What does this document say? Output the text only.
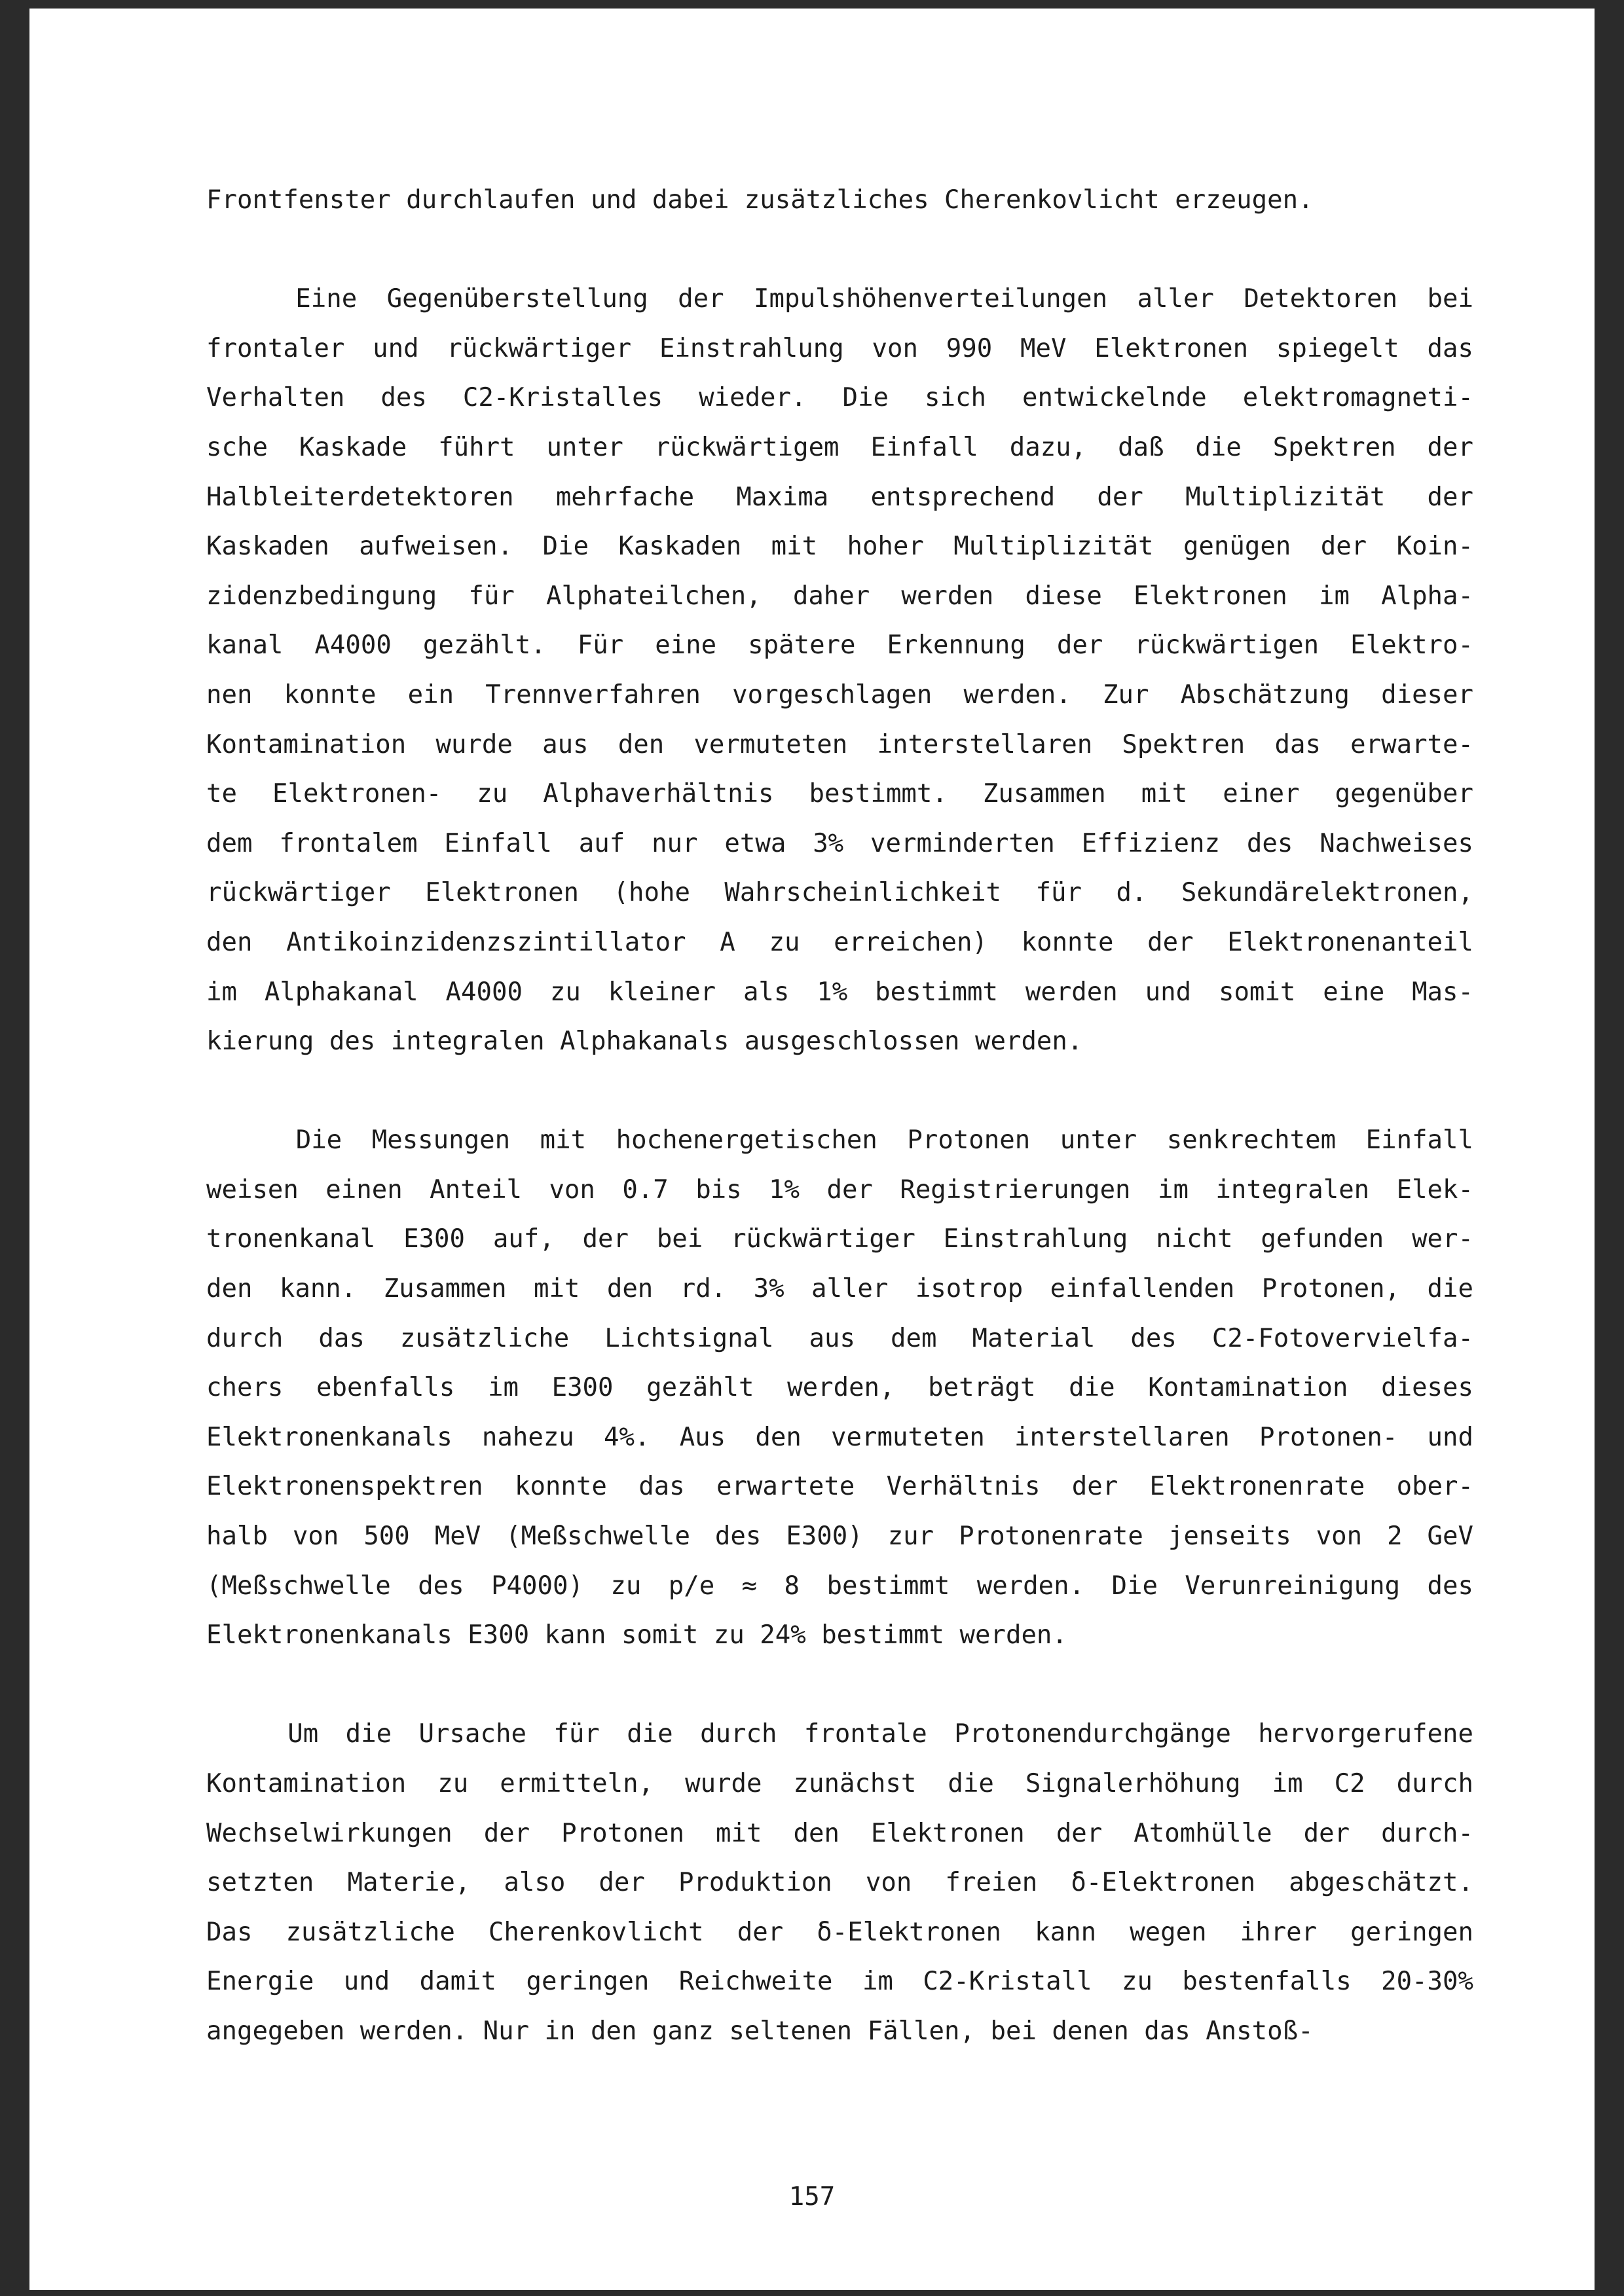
Frontfenster durchlaufen und dabei zusätzliches Cherenkovlicht erzeugen.
Eine Gegenüberstellung der Impulshöhenverteilungen aller Detektoren bei
frontaler und rückwärtiger Einstrahlung von 990 MeV Elektronen spiegelt das
Verhalten des C2-Kristalles wieder. Die sich entwickelnde elektromagneti-
sche Kaskade führt unter rückwärtigem Einfall dazu, daß die Spektren der
Halbleiterdetektoren mehrfache Maxima entsprechend der Multiplizität der
Kaskaden aufweisen. Die Kaskaden mit hoher Multiplizität genügen der Koin-
zidenzbedingung für Alphateilchen, daher werden diese Elektronen im Alpha-
kanal A4000 gezählt. Für eine spätere Erkennung der rückwärtigen Elektro-
nen konnte ein Trennverfahren vorgeschlagen werden. Zur Abschätzung dieser
Kontamination wurde aus den vermuteten interstellaren Spektren das erwarte-
te Elektronen- zu Alphaverhältnis bestimmt. Zusammen mit einer gegenüber
dem frontalem Einfall auf nur etwa 3% verminderten Effizienz des Nachweises
rückwärtiger Elektronen (hohe Wahrscheinlichkeit für d. Sekundärelektronen,
den Antikoinzidenzszintillator A zu erreichen) konnte der Elektronenanteil
im Alphakanal A4000 zu kleiner als 1% bestimmt werden und somit eine Mas-
kierung des integralen Alphakanals ausgeschlossen werden.
Die Messungen mit hochenergetischen Protonen unter senkrechtem Einfall
weisen einen Anteil von 0.7 bis 1% der Registrierungen im integralen Elek-
tronenkanal E300 auf, der bei rückwärtiger Einstrahlung nicht gefunden wer-
den kann. Zusammen mit den rd. 3% aller isotrop einfallenden Protonen, die
durch das zusätzliche Lichtsignal aus dem Material des C2-Fotovervielfa-
chers ebenfalls im E300 gezählt werden, beträgt die Kontamination dieses
Elektronenkanals nahezu 4%. Aus den vermuteten interstellaren Protonen- und
Elektronenspektren konnte das erwartete Verhältnis der Elektronenrate ober-
halb von 500 MeV (Meßschwelle des E300) zur Protonenrate jenseits von 2 GeV
(Meßschwelle des P4000) zu p/e ≈ 8 bestimmt werden. Die Verunreinigung des
Elektronenkanals E300 kann somit zu 24% bestimmt werden.
Um die Ursache für die durch frontale Protonendurchgänge hervorgerufene
Kontamination zu ermitteln, wurde zunächst die Signalerhöhung im C2 durch
Wechselwirkungen der Protonen mit den Elektronen der Atomhülle der durch-
setzten Materie, also der Produktion von freien δ-Elektronen abgeschätzt.
Das zusätzliche Cherenkovlicht der δ-Elektronen kann wegen ihrer geringen
Energie und damit geringen Reichweite im C2-Kristall zu bestenfalls 20-30%
angegeben werden. Nur in den ganz seltenen Fällen, bei denen das Anstoß-
157
